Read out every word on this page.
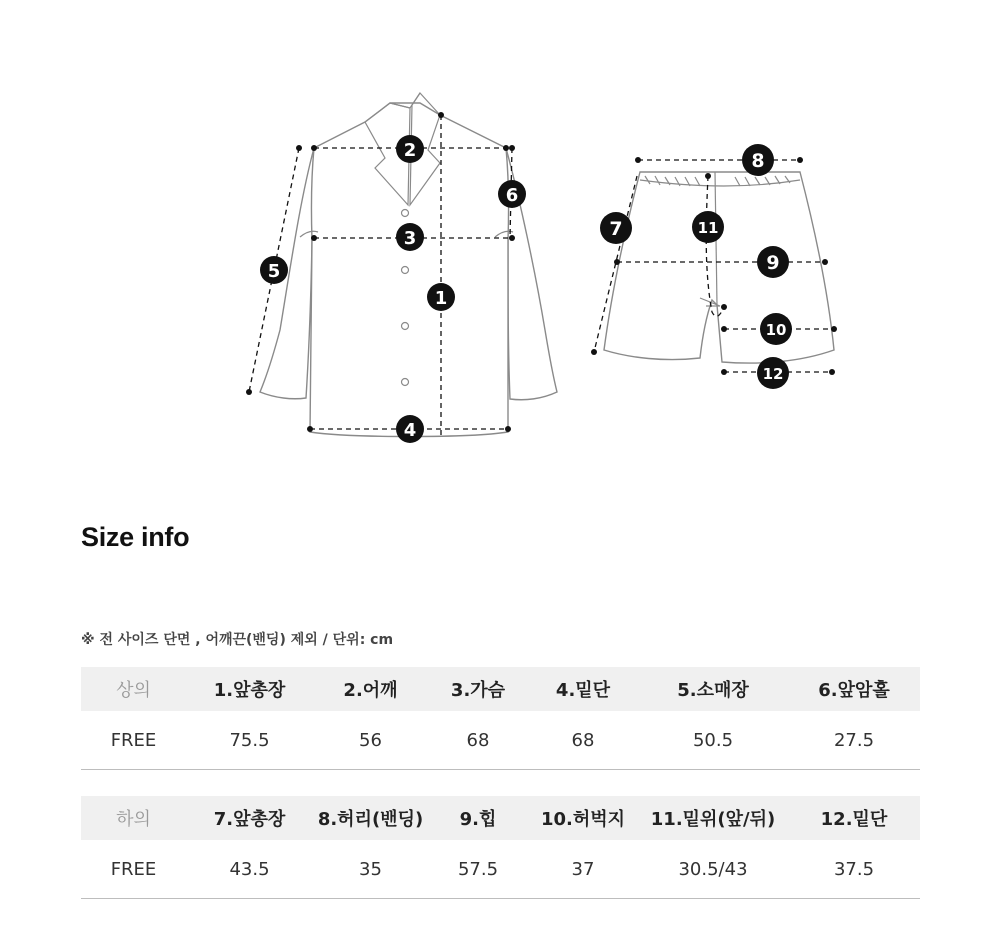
1
2
3
4
5
6
7
8
9
10
11
12
Size info
※ 전 사이즈 단면 , 어깨끈(밴딩) 제외 / 단위: cm
상의	1.앞총장	2.어깨	3.가슴	4.밑단	5.소매장	6.앞암홀
FREE	75.5	56	68	68	50.5	27.5
하의	7.앞총장	8.허리(밴딩)	9.힙	10.허벅지	11.밑위(앞/뒤)	12.밑단
FREE	43.5	35	57.5	37	30.5/43	37.5
